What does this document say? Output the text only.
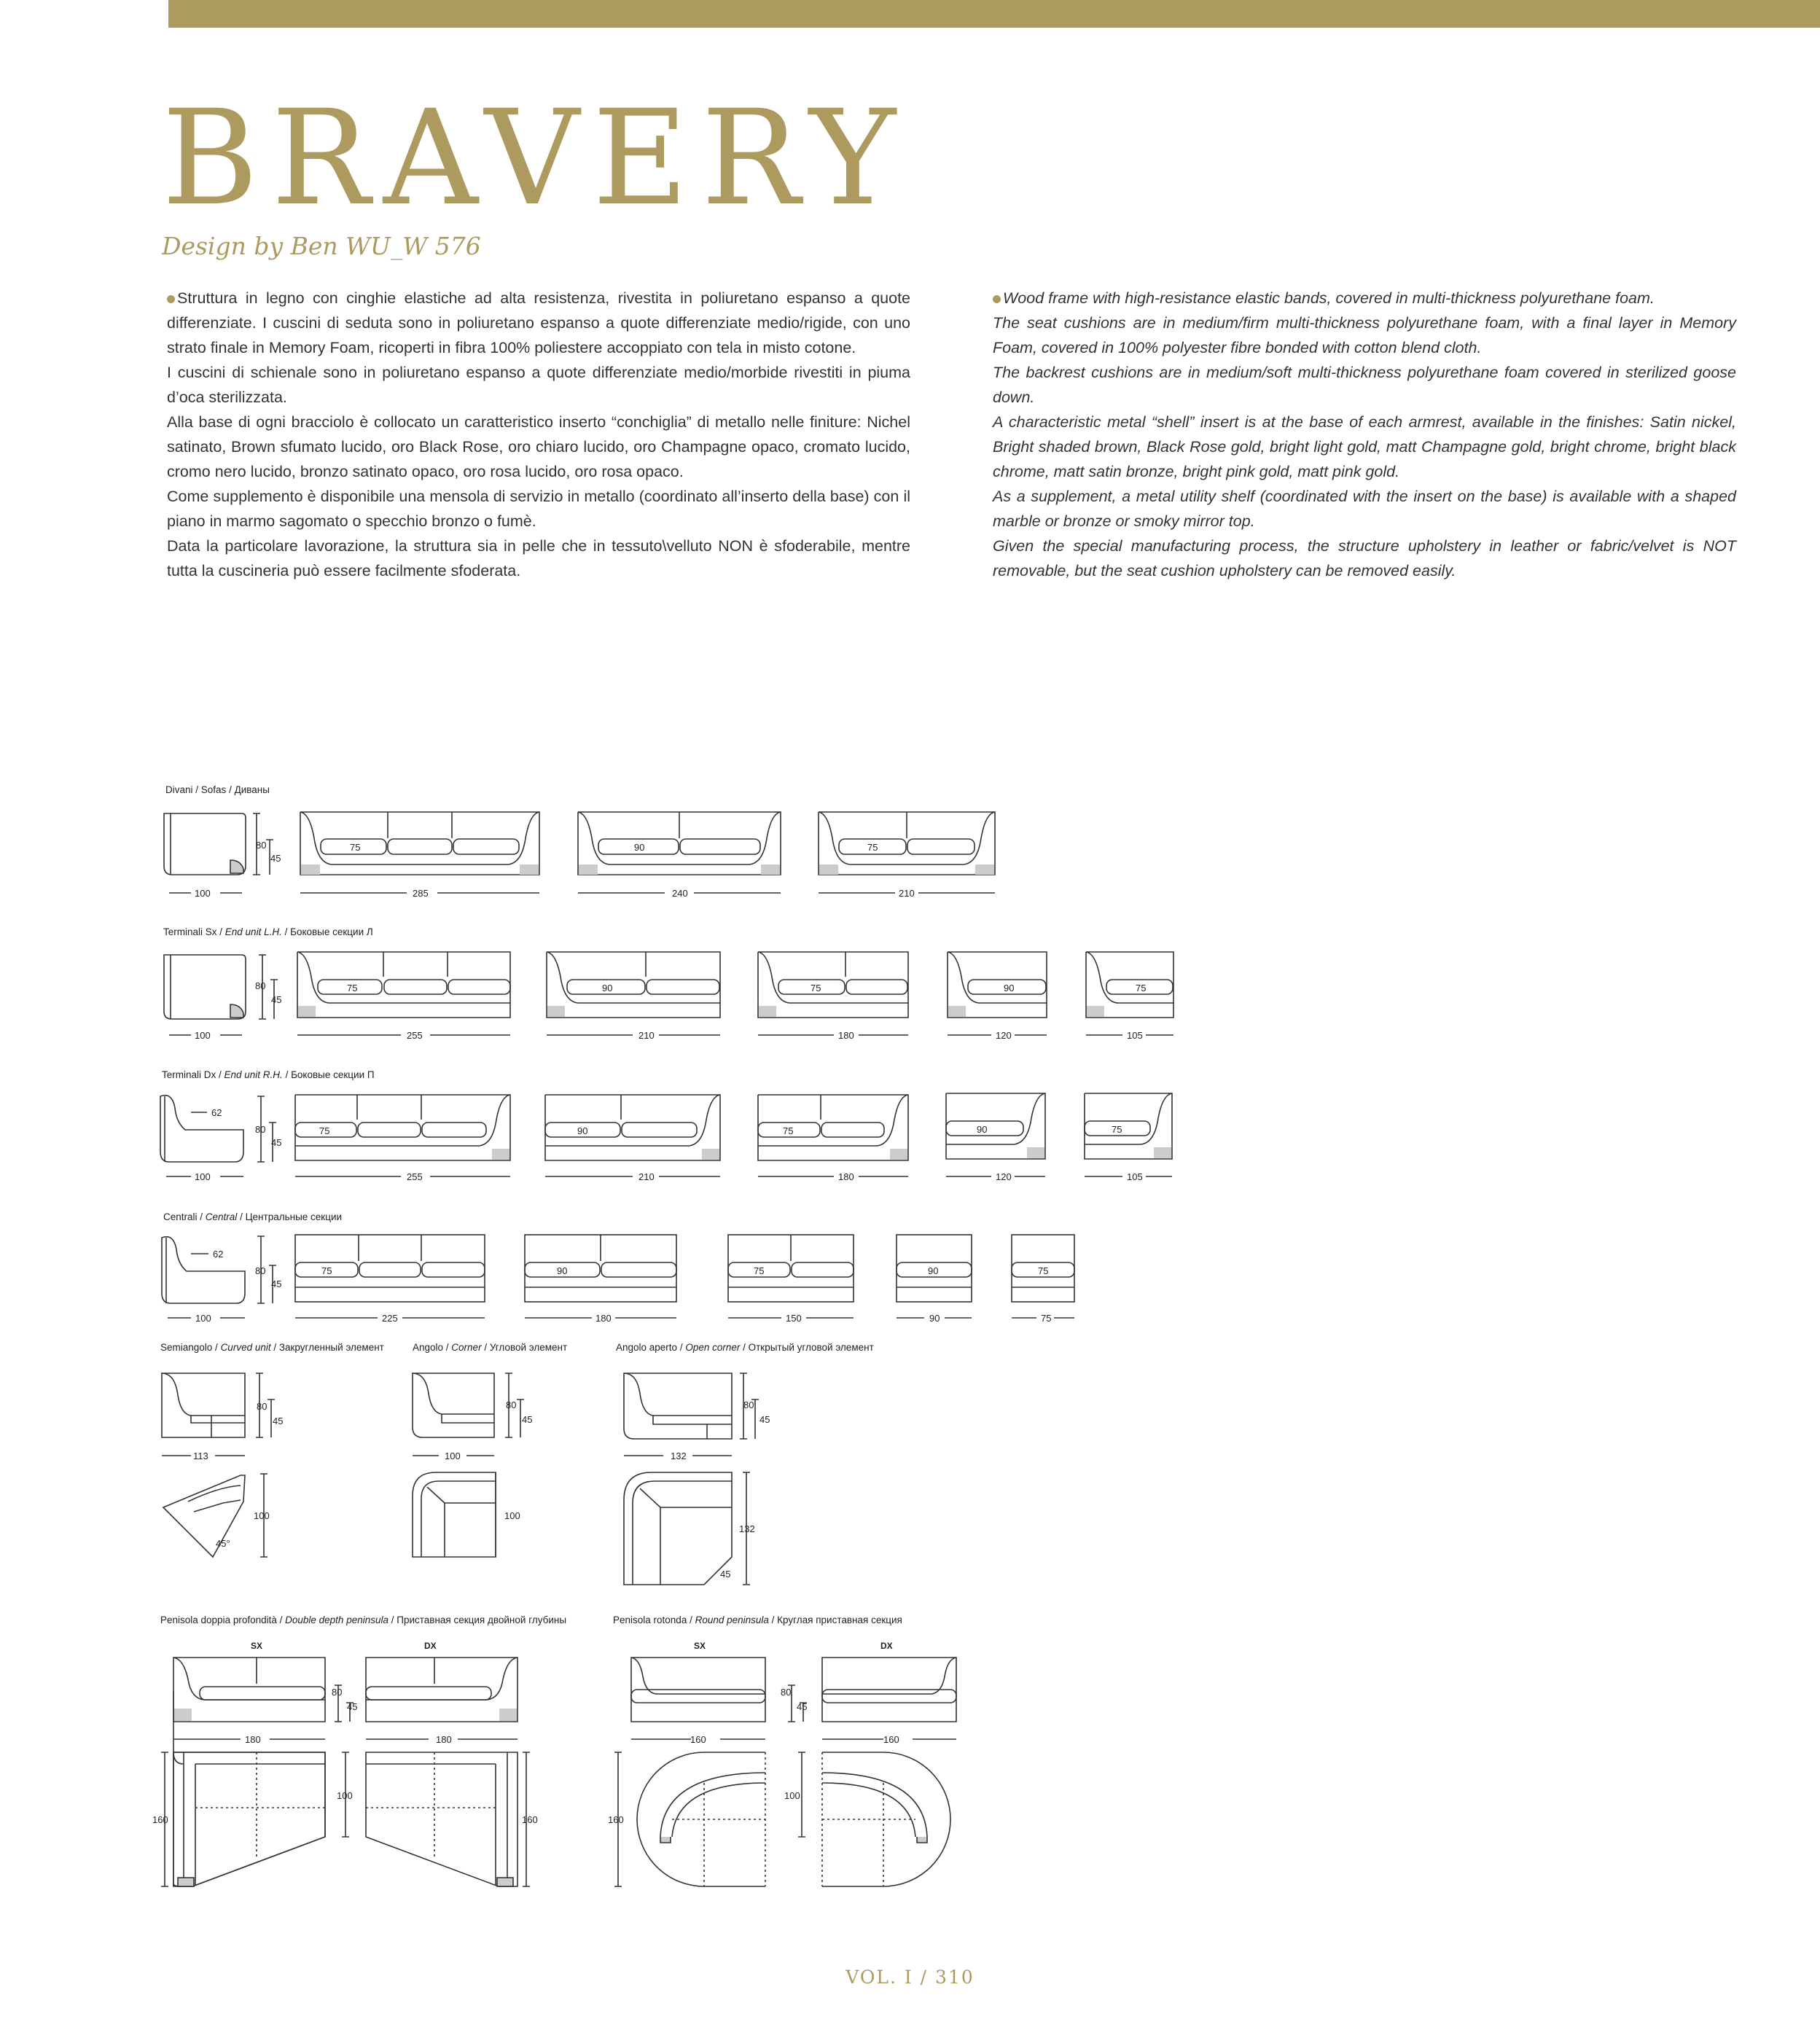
BRAVERY
Design by Ben WU_W 576

Struttura in legno con cinghie elastiche ad alta resistenza, rivestita in poliuretano espanso a quote differenziate. I cuscini di seduta sono in poliuretano espanso a quote differenziate medio/rigide, con uno strato finale in Memory Foam, ricoperti in fibra 100% poliestere accoppiato con tela in misto cotone.

I cuscini di schienale sono in poliuretano espanso a quote differenziate medio/morbide rivestiti in piuma d’oca sterilizzata.

Alla base di ogni bracciolo è collocato un caratteristico inserto “conchiglia” di metallo nelle finiture: Nichel satinato, Brown sfumato lucido, oro Black Rose, oro chiaro lucido, oro Champagne opaco, cromato lucido, cromo nero lucido, bronzo satinato opaco, oro rosa lucido, oro rosa opaco.

Come supplemento è disponibile una mensola di servizio in metallo (coordinato all’inserto della base) con il piano in marmo sagomato o specchio bronzo o fumè.

Data la particolare lavorazione, la struttura sia in pelle che in tessuto\velluto NON è sfoderabile, mentre tutta la cuscineria può essere facilmente sfoderata.

Wood frame with high-resistance elastic bands, covered in multi-thickness polyurethane foam.

The seat cushions are in medium/firm multi-thickness polyurethane foam, with a final layer in Memory Foam, covered in 100% polyester fibre bonded with cotton blend cloth.

The backrest cushions are in medium/soft multi-thickness polyurethane foam covered in sterilized goose down.

A characteristic metal “shell” insert is at the base of each armrest, available in the finishes: Satin nickel, Bright shaded brown, Black Rose gold, bright light gold, matt Champagne gold, bright chrome, bright black chrome, matt satin bronze, bright pink gold, matt pink gold.

As a supplement, a metal utility shelf (coordinated with the insert on the base) is available with a shaped marble or bronze or smoky mirror top.

Given the special manufacturing process, the structure upholstery in leather or fabric/velvet is NOT removable, but the seat cushion upholstery can be removed easily.

Divani / Sofas / Диваны
Terminali Sx / End unit L.H. / Боковые секции Л
Terminali Dx / End unit R.H. / Боковые секции П
Centrali / Central / Центральные секции
Semiangolo / Curved unit / Закругленный элемент	Angolo / Corner / Угловой элемент	Angolo aperto / Open corner / Открытый угловой элемент
Penisola doppia profondità / Double depth peninsula / Приставная секция двойной глубины	Penisola rotonda / Round peninsula / Круглая приставная секция
100
80
45
75
285
90
240
75
210
100
80
45
75
255
90
210
75
180
90
120
75
105
62
100
80
45
75
255
90
210
75
180
90
120
75
105
62
100
80
45
75
225
90
180
75
150
90
90
75
75
113
80
45
100
45°
100
80
45
100
132
80
45
132
45
SX	DX
180	180
80
45
160
100
160
SX	DX
160	160
80
45
160
100
VOL. I / 310
